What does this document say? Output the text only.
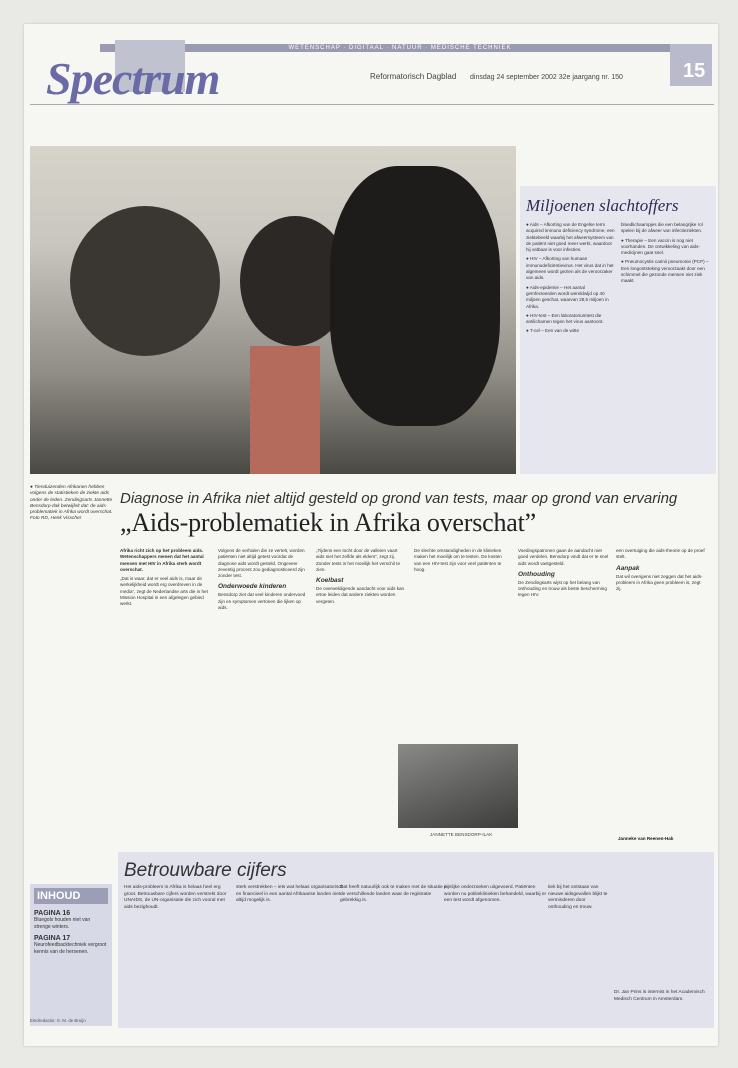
WETENSCHAP · DIGITAAL · NATUUR · MEDISCHE TECHNIEK
Spectrum	Reformatorisch Dagblad dinsdag 24 september 2002 32e jaargang nr. 150	15
Miljoenen slachtoffers

● Aids – Afkorting van de Engelse term acquired immuno deficiency syndrome, een ziektebeeld waarbij het afweersysteem van de patiënt niet goed meer werkt, waardoor hij vatbaar is voor infecties.

● HIV – Afkorting van humaan immunodeficiëntievirus. Het virus dat in het algemeen wordt gezien als de veroorzaker van aids.

● Aids-epidemie – Het aantal geïnfecteerden wordt wereldwijd op 40 miljoen geschat, waarvan 28,5 miljoen in Afrika.

● HIV-test – Een laboratoriumtest die antilichamen tegen het virus aantoont.

● T-cel – Een van de witte

bloedlichaampjes die een belangrijke rol spelen bij de afweer van infectieziekten.

● Therapie – Een vaccin is nog niet voorhanden. De ontwikkeling van aids-medicijnen gaat snel.

● Pneumocystis carinii pneumonie (PCP) – Een longontsteking veroorzaakt door een schimmel die gezonde mensen niet ziek maakt.

● Tienduizenden Afrikanen hebben volgens de statistieken de ziekte aids onder de leden. Zendingsarts Jannette Bensdorp-Ilak betwijfelt dat: de aids-problematiek in Afrika wordt overschat. Foto RD, Henk Visscher
Diagnose in Afrika niet altijd gesteld op grond van tests, maar op grond van ervaring
„Aids-problematiek in Afrika overschat”

Afrika richt zich op het probleem aids. Wetenschappers menen dat het aantal mensen met HIV in Afrika sterk wordt overschat.

„Dat is waar, dat er veel aids is, maar de werkelijkheid wordt erg overdreven in de media”, zegt de Nederlandse arts die in het Mission Hospital in een afgelegen gebied werkt.

Volgens de verhalen die ze vertelt, worden patiënten niet altijd getest voordat de diagnose aids wordt gesteld. Ongeveer zeventig procent zou gediagnosticeerd zijn zonder test.

Onderwoede kinderen

Bensdorp ziet dat veel kinderen ondervoed zijn en symptomen vertonen die lijken op aids.

„Tijdens een tocht door de valleien vaart aids niet het zelfde als elders”, zegt zij. Zonder tests is het moeilijk het verschil te zien.

Koelbast

De overweldigende aandacht voor aids kan ertoe leiden dat andere ziekten worden vergeten.

De slechte omstandigheden in de klinieken maken het moeilijk om te testen. De kosten van een HIV-test zijn voor veel patiënten te hoog.

Voedingspatronen gaan de aandacht niet goed verdelen. Bensdorp vindt dat er te snel aids wordt vastgesteld.

Onthouding

De Zendingsarts wijst op het belang van onthouding en trouw als beste bescherming tegen HIV.

een overtuiging die aids-theorie op de proef stelt.

Aanpak

Dat wil overigens niet zeggen dat het aids-probleem in Afrika geen probleem is, zegt zij.

JANNETTE BENSDORP-ILAK
Janneke van Reenen-Hak
Betrouwbare cijfers

Het aids-probleem in Afrika is helaas heel erg groot. Betrouwbare cijfers worden verstrekt door UNAIDS, de UN-organisatie die zich vooral met aids bezighoudt.

sterk verstrekken – iets wat helaas organisatorisch en financieel in een aantal Afrikaanse landen niet altijd mogelijk is.

Dat heeft natuurlijk ook te maken met de situatie in de verschillende landen waar de registratie gebrekkig is.

pijnlijke onderzoeken uitgevoerd. Patiënten worden nu politieklinieken behandeld, waarbij er een test wordt afgenomen.

tiek bij het ontstaan van nieuwe aidsgevallen blijkt te verminderen door onthouding en trouw.

Dr. Jan Prins is internist in het Academisch Medisch Centrum in Amsterdam.

INHOUD
PAGINA 16
Bluegols houden niet van strenge winters.
PAGINA 17
Neurofeedbacktechniek vergroot kennis van de hersenen.
Eindredactie: S. M. de Bruijn
